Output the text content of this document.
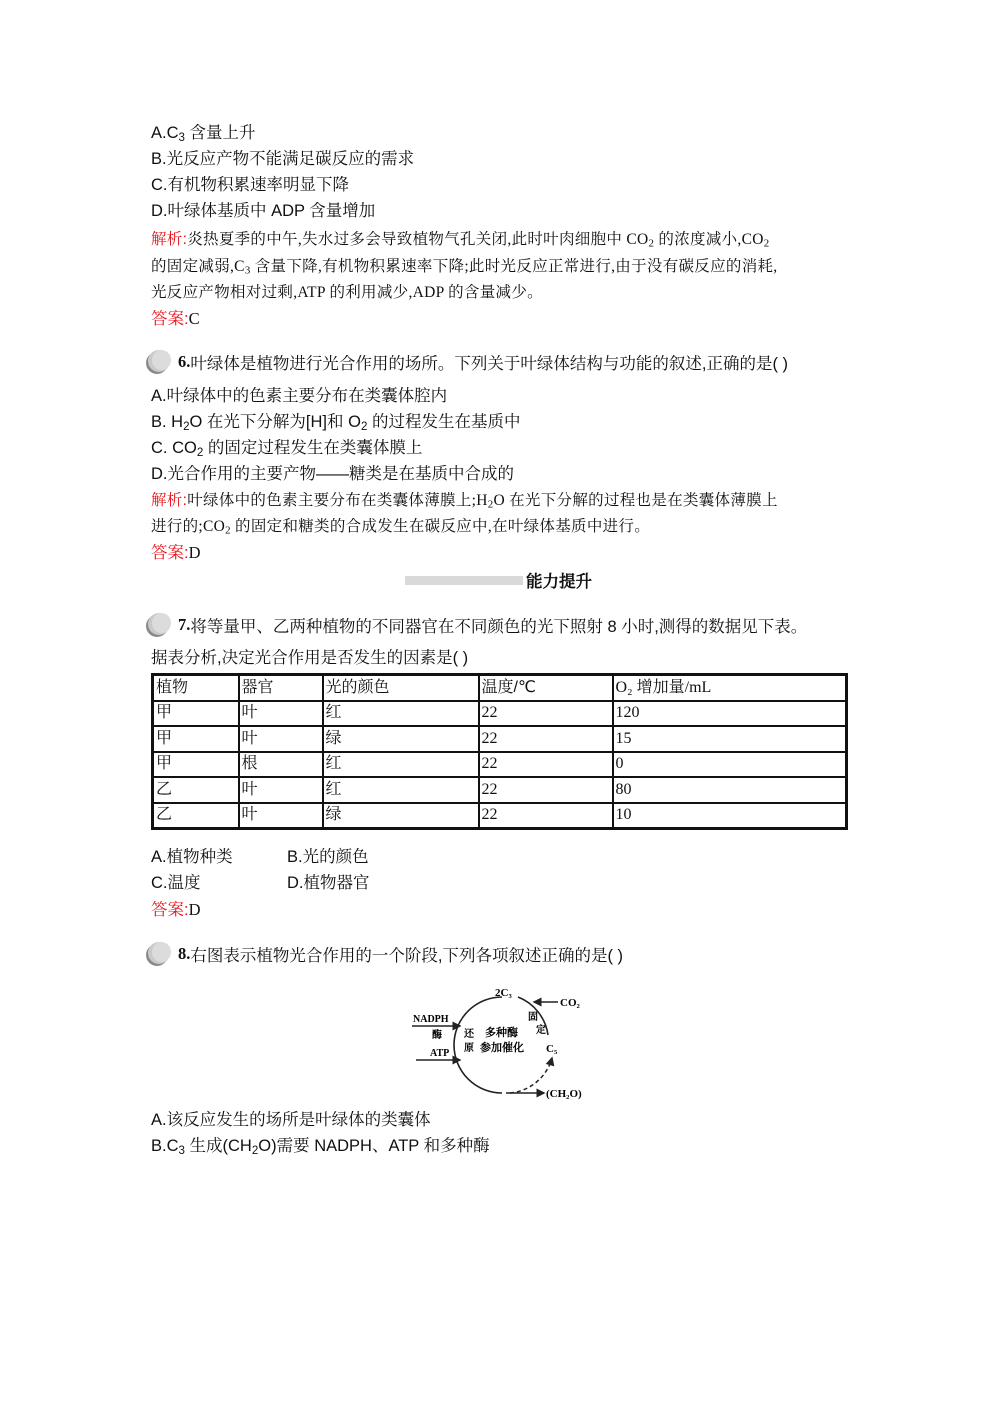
$A.C_3$ 含量上升
B.光反应产物不能满足碳反应的需求
C.有机物积累速率明显下降
D.叶绿体基质中 ADP 含量增加
解析:炎热夏季的中午,失水过多会导致植物气孔关闭,此时叶肉细胞中 $CO_2$ 的浓度减小$,CO_2$
的固定减弱$,C_3$ 含量下降,有机物积累速率下降;此时光反应正常进行,由于没有碳反应的消耗,
光反应产物相对过剩,ATP 的利用减少,ADP 的含量减少。
答案:C
6. 叶绿体是植物进行光合作用的场所。下列关于叶绿体结构与功能的叙述,正确的是( )
A.叶绿体中的色素主要分布在类囊体腔内
B. $H_2O$ 在光下分解为[H]和 $O_2$ 的过程发生在基质中
C. $CO_2$ 的固定过程发生在类囊体膜上
D.光合作用的主要产物——糖类是在基质中合成的
解析:叶绿体中的色素主要分布在类囊体薄膜上$;H_2O$ 在光下分解的过程也是在类囊体薄膜上
进行的$;CO_2$ 的固定和糖类的合成发生在碳反应中,在叶绿体基质中进行。
答案:D
能力提升
7. 将等量甲、乙两种植物的不同器官在不同颜色的光下照射 8 小时,测得的数据见下表。
据表分析,决定光合作用是否发生的因素是( )
植物	器官	光的颜色	温度/℃	O₂ 增加量/mL
甲	叶	红	22	120
甲	叶	绿	22	15
甲	根	红	22	0
乙	叶	红	22	80
乙	叶	绿	22	10
A.植物种类	B.光的颜色
C.温度	D.植物器官
答案:D
8. 右图表示植物光合作用的一个阶段,下列各项叙述正确的是( )
2C₃
CO₂
固
定
C₅
(CH₂O)
NADPH
酶
ATP
还
原
多种酶
参加催化
A.该反应发生的场所是叶绿体的类囊体
$B.C_3$ 生成$(CH_2O)$需要 NADPH、ATP 和多种酶
